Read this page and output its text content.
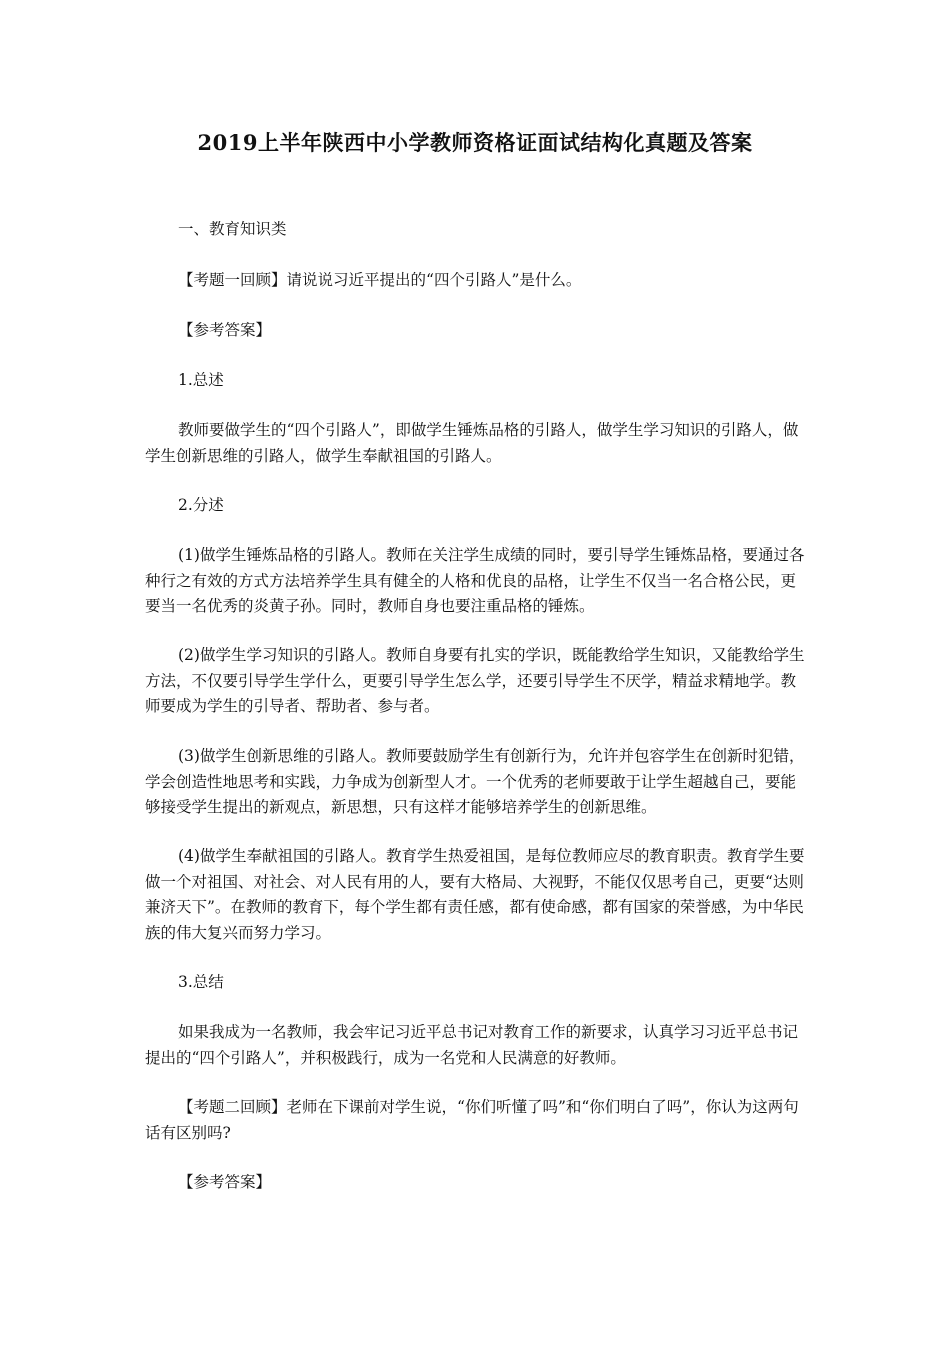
2019上半年陕西中小学教师资格证面试结构化真题及答案

一、教育知识类

【考题一回顾】请说说习近平提出的“四个引路人”是什么。

【参考答案】

1.总述

教师要做学生的“四个引路人”，即做学生锤炼品格的引路人，做学生学习知识的引路人，做学生创新思维的引路人，做学生奉献祖国的引路人。

2.分述

(1)做学生锤炼品格的引路人。教师在关注学生成绩的同时，要引导学生锤炼品格，要通过各种行之有效的方式方法培养学生具有健全的人格和优良的品格，让学生不仅当一名合格公民，更要当一名优秀的炎黄子孙。同时，教师自身也要注重品格的锤炼。

(2)做学生学习知识的引路人。教师自身要有扎实的学识，既能教给学生知识，又能教给学生方法，不仅要引导学生学什么，更要引导学生怎么学，还要引导学生不厌学，精益求精地学。教师要成为学生的引导者、帮助者、参与者。

(3)做学生创新思维的引路人。教师要鼓励学生有创新行为，允许并包容学生在创新时犯错，学会创造性地思考和实践，力争成为创新型人才。一个优秀的老师要敢于让学生超越自己，要能够接受学生提出的新观点，新思想，只有这样才能够培养学生的创新思维。

(4)做学生奉献祖国的引路人。教育学生热爱祖国，是每位教师应尽的教育职责。教育学生要做一个对祖国、对社会、对人民有用的人，要有大格局、大视野，不能仅仅思考自己，更要“达则兼济天下”。在教师的教育下，每个学生都有责任感，都有使命感，都有国家的荣誉感，为中华民族的伟大复兴而努力学习。

3.总结

如果我成为一名教师，我会牢记习近平总书记对教育工作的新要求，认真学习习近平总书记提出的“四个引路人”，并积极践行，成为一名党和人民满意的好教师。

【考题二回顾】老师在下课前对学生说，“你们听懂了吗”和“你们明白了吗”，你认为这两句话有区别吗?

【参考答案】
